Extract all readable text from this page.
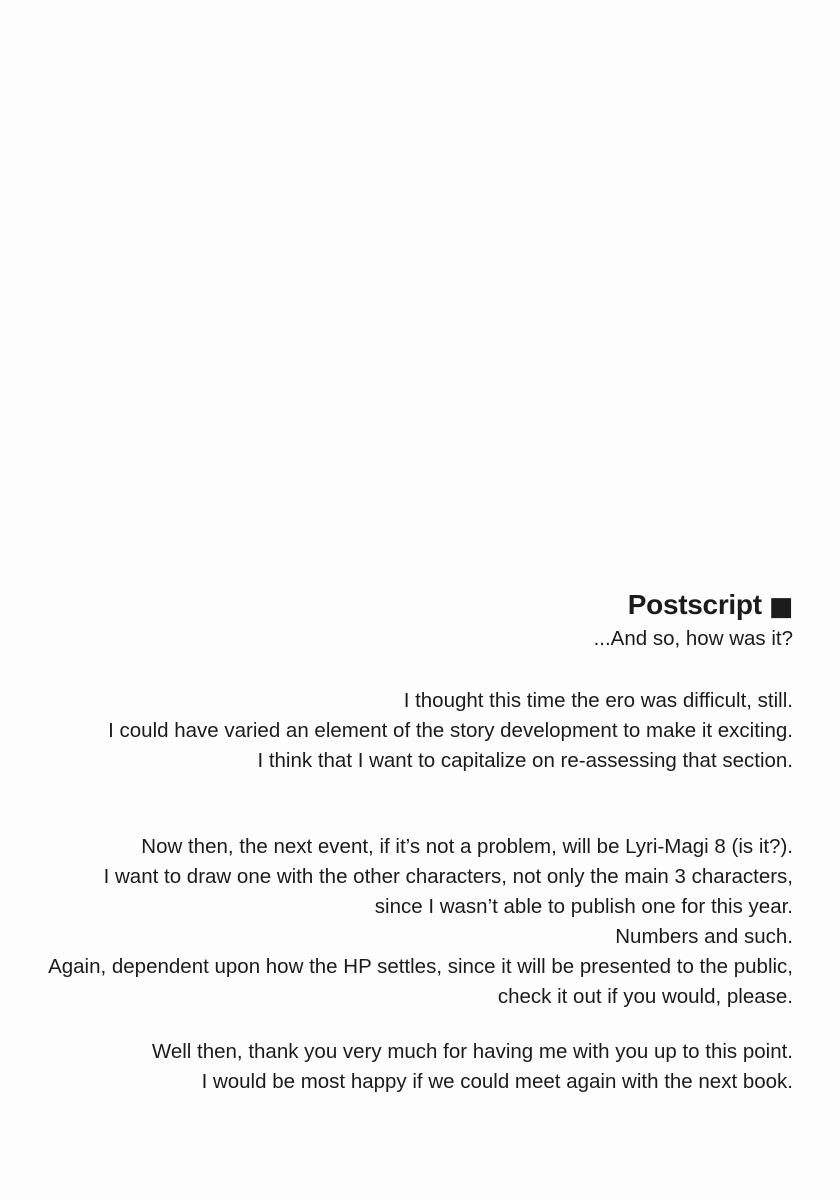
Postscript ■
...And so, how was it?
I thought this time the ero was difficult, still.
I could have varied an element of the story development to make it exciting.
I think that I want to capitalize on re-assessing that section.
Now then, the next event, if it’s not a problem, will be Lyri-Magi 8 (is it?).
I want to draw one with the other characters, not only the main 3 characters,
since I wasn’t able to publish one for this year.
Numbers and such.
Again, dependent upon how the HP settles, since it will be presented to the public,
check it out if you would, please.
Well then, thank you very much for having me with you up to this point.
I would be most happy if we could meet again with the next book.
